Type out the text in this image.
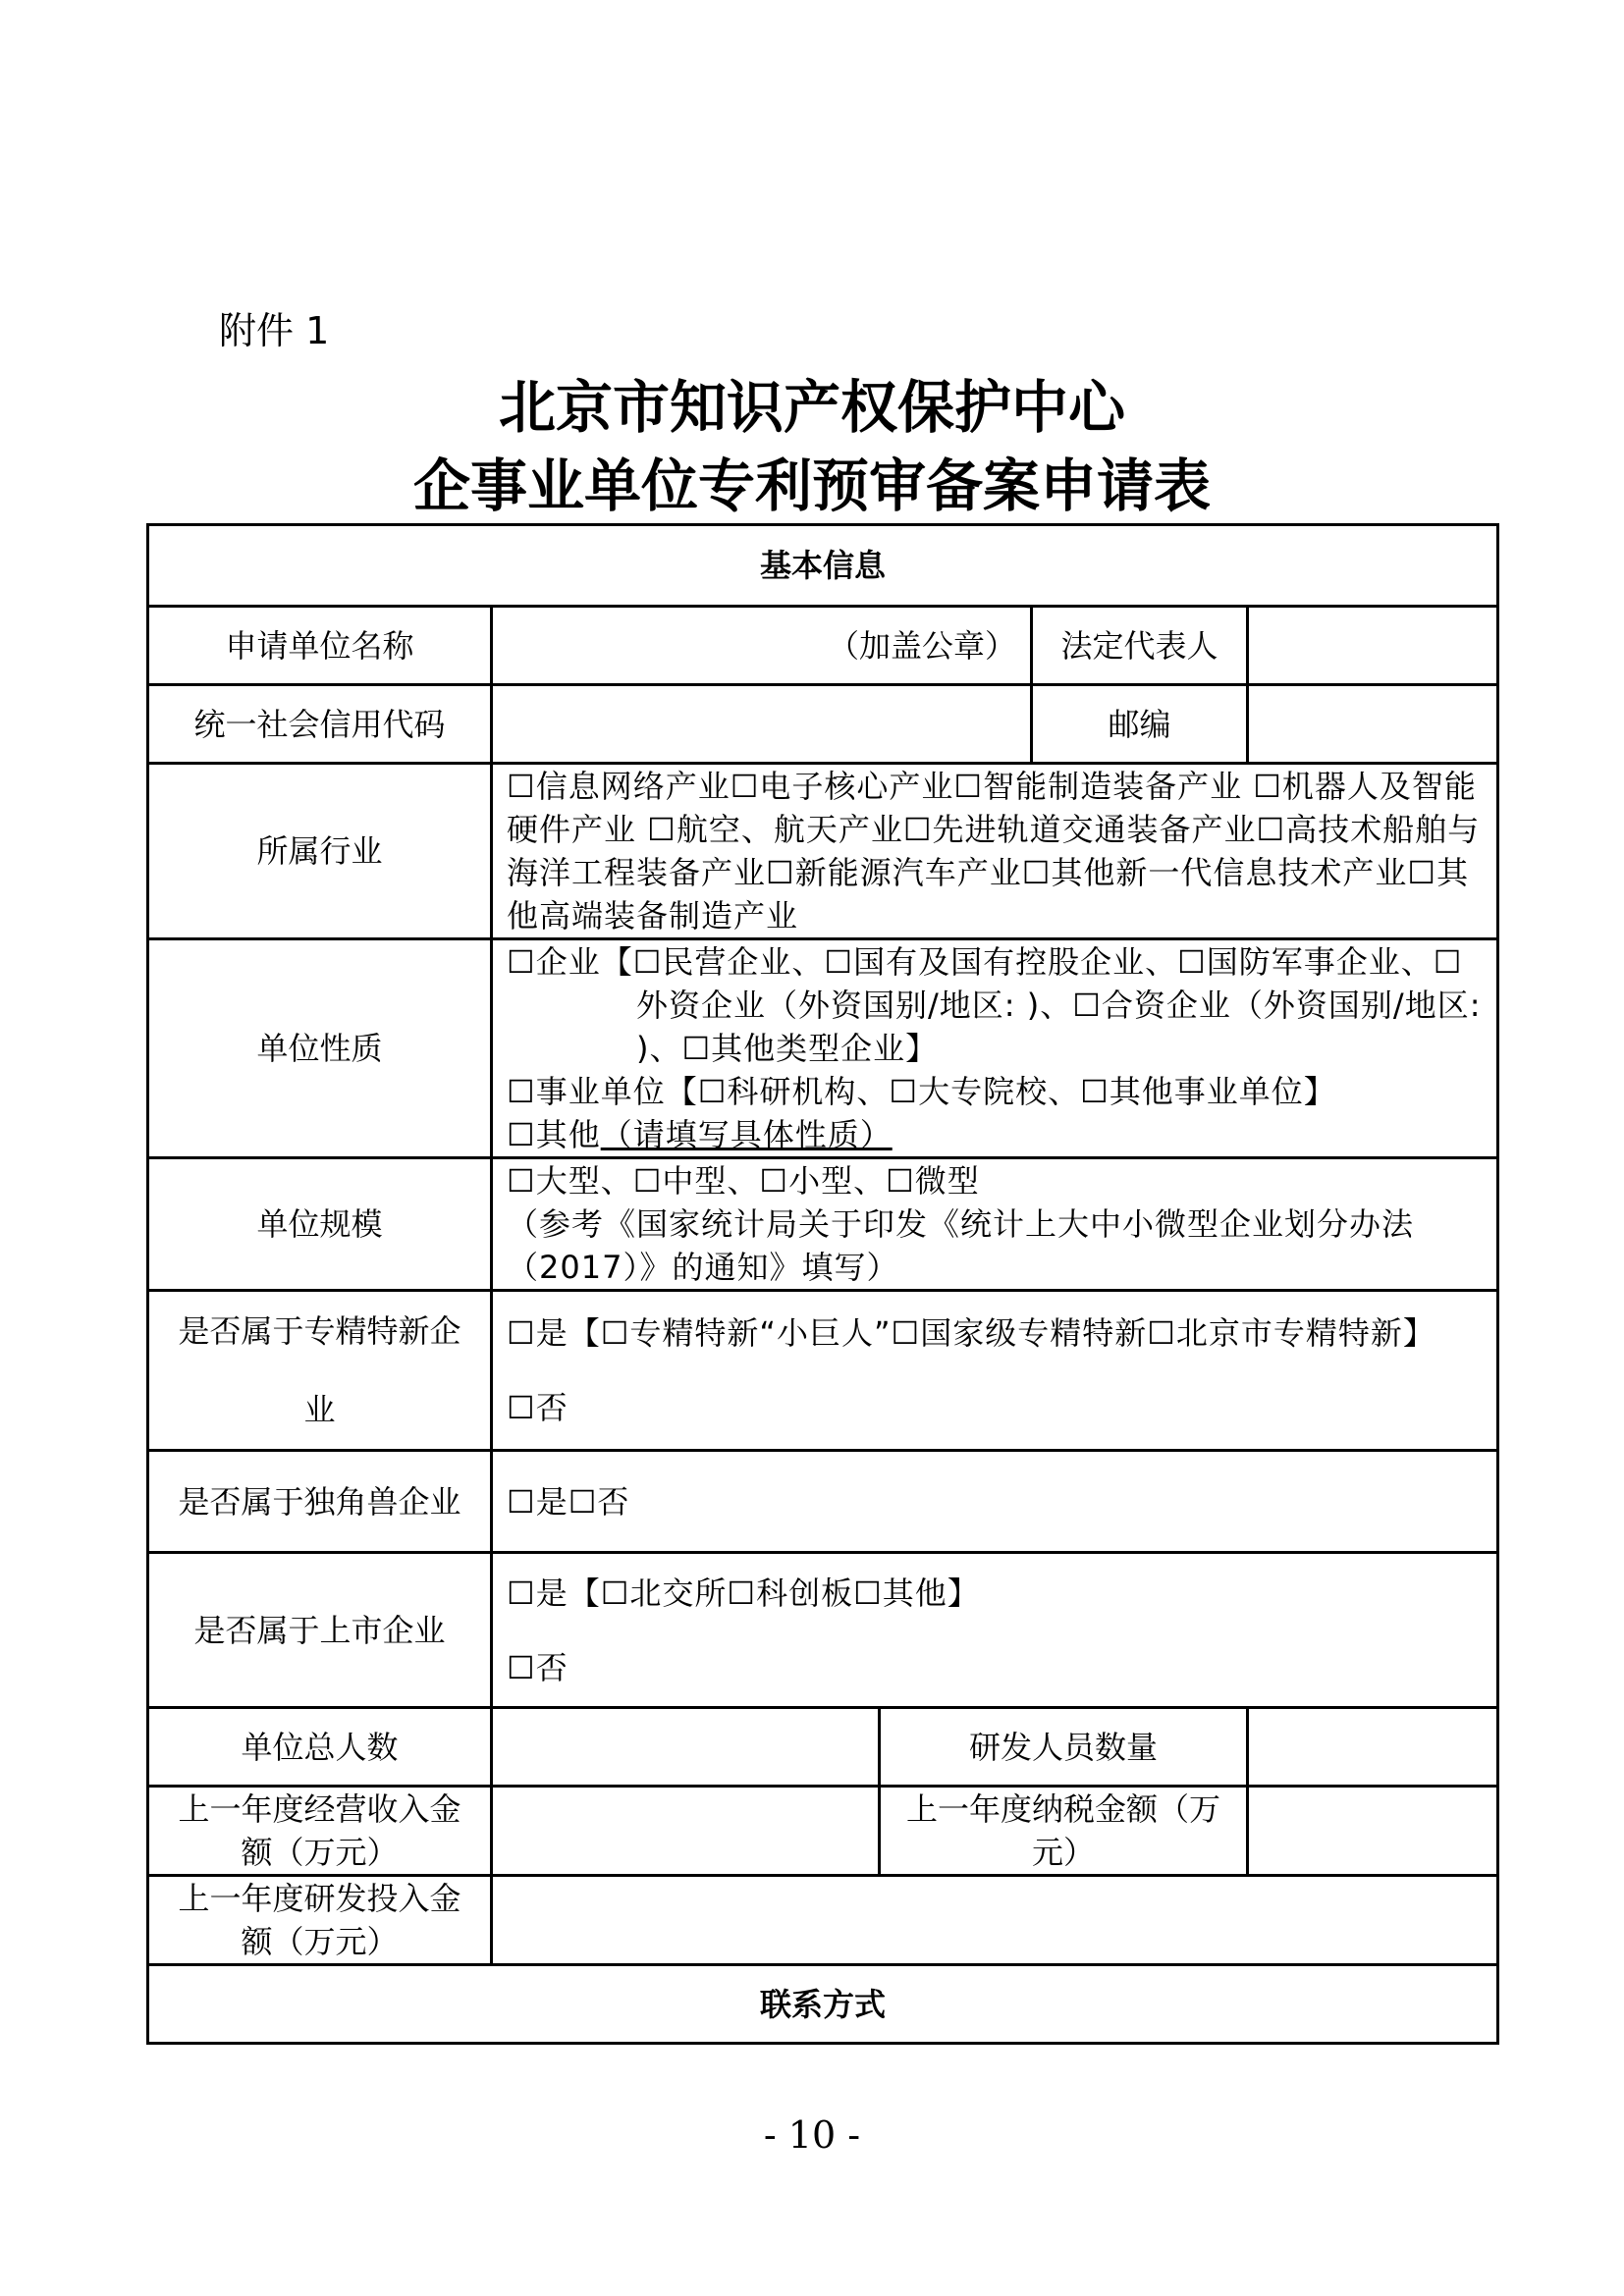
附件 1
北京市知识产权保护中心
企事业单位专利预审备案申请表
基本信息				
申请单位名称	（加盖公章）		法定代表人	
统一社会信用代码			邮编	
所属行业	☐信息网络产业☐电子核心产业☐智能制造装备产业 ☐机器人及智能硬件产业 ☐航空、航天产业☐先进轨道交通装备产业☐高技术船舶与海洋工程装备产业☐新能源汽车产业☐其他新一代信息技术产业☐其他高端装备制造产业			
单位性质	☐企业【☐民营企业、☐国有及国有控股企业、☐国防军事企业、☐
外资企业（外资国别/地区: )、☐合资企业（外资国别/地区: )、☐其他类型企业】
☐事业单位【☐科研机构、☐大专院校、☐其他事业单位】
☐其他（请填写具体性质）			

单位规模	☐大型、☐中型、☐小型、☐微型
（参考《国家统计局关于印发《统计上大中小微型企业划分办法（2017）》的通知》填写）			

是否属于专精特新企业	☐是【☐专精特新“小巨人”☐国家级专精特新☐北京市专精特新】
☐否			

是否属于独角兽企业	☐是☐否			
是否属于上市企业	☐是【☐北交所☐科创板☐其他】
☐否			

单位总人数		研发人员数量		
上一年度经营收入金额（万元）		上一年度纳税金额（万元）		
上一年度研发投入金额（万元）				
联系方式				
- 10 -
